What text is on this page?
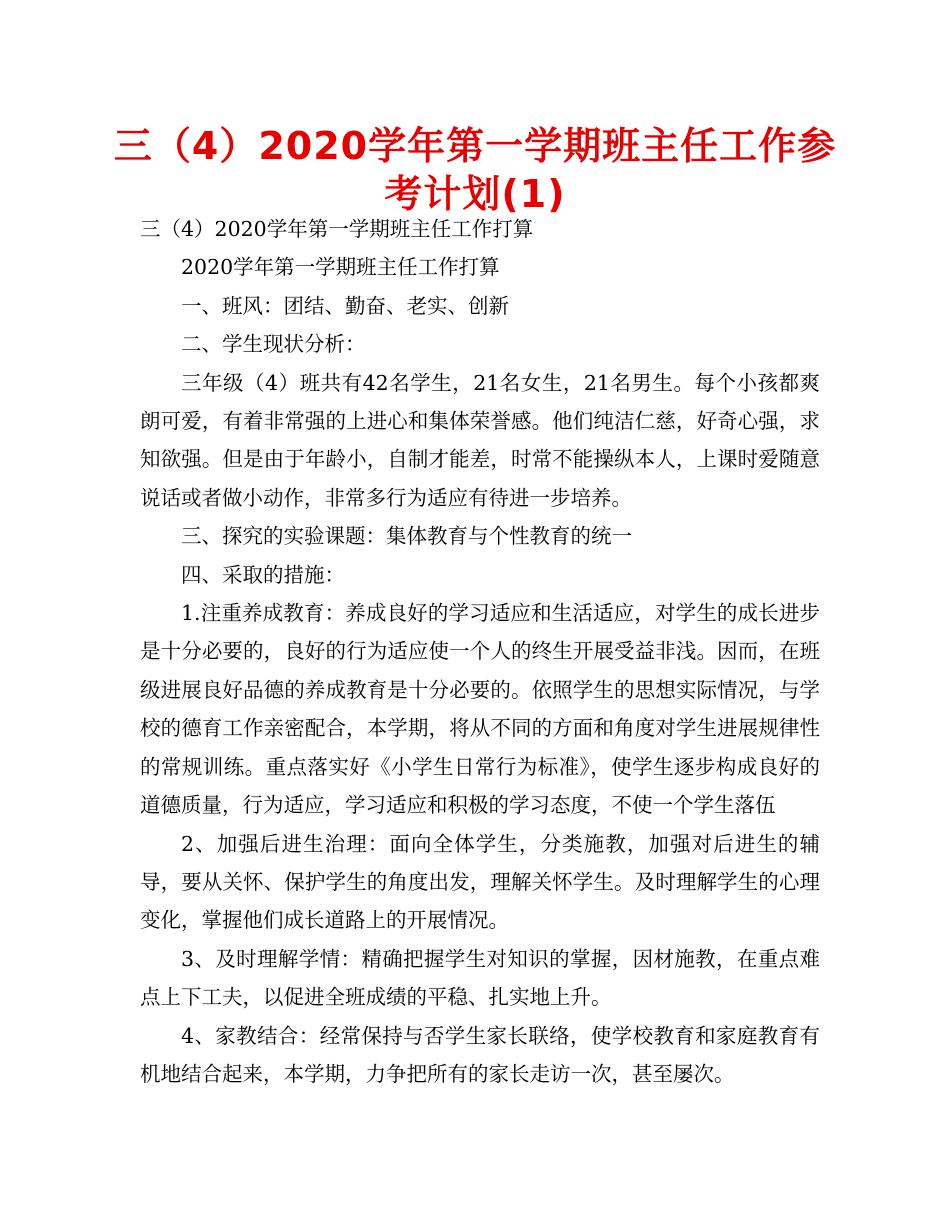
三（4）2020学年第一学期班主任工作参
考计划(1)

三（4）2020学年第一学期班主任工作打算

2020学年第一学期班主任工作打算

一、班风：团结、勤奋、老实、创新

二、学生现状分析：

三年级（4）班共有42名学生，21名女生，21名男生。每个小孩都爽朗可爱，有着非常强的上进心和集体荣誉感。他们纯洁仁慈，好奇心强，求知欲强。但是由于年龄小，自制才能差，时常不能操纵本人，上课时爱随意说话或者做小动作，非常多行为适应有待进一步培养。

三、探究的实验课题：集体教育与个性教育的统一

四、采取的措施：

1.注重养成教育：养成良好的学习适应和生活适应，对学生的成长进步是十分必要的，良好的行为适应使一个人的终生开展受益非浅。因而，在班级进展良好品德的养成教育是十分必要的。依照学生的思想实际情况，与学校的德育工作亲密配合，本学期，将从不同的方面和角度对学生进展规律性的常规训练。重点落实好《小学生日常行为标准》，使学生逐步构成良好的道德质量，行为适应，学习适应和积极的学习态度，不使一个学生落伍

2、加强后进生治理：面向全体学生，分类施教，加强对后进生的辅导，要从关怀、保护学生的角度出发，理解关怀学生。及时理解学生的心理变化，掌握他们成长道路上的开展情况。

3、及时理解学情：精确把握学生对知识的掌握，因材施教，在重点难点上下工夫，以促进全班成绩的平稳、扎实地上升。

4、家教结合：经常保持与否学生家长联络，使学校教育和家庭教育有机地结合起来，本学期，力争把所有的家长走访一次，甚至屡次。
